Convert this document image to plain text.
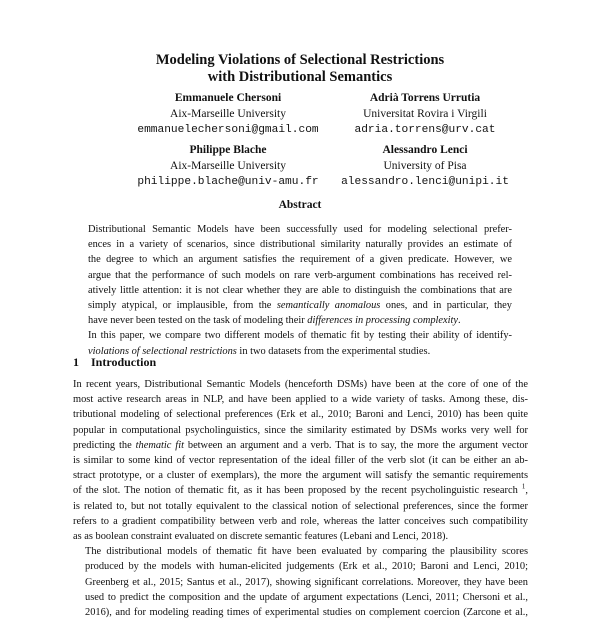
Modeling Violations of Selectional Restrictions
with Distributional Semantics
Emmanuele Chersoni
Aix-Marseille University
emmanuelechersoni@gmail.com
Adrià Torrens Urrutia
Universitat Rovira i Virgili
adria.torrens@urv.cat
Philippe Blache
Aix-Marseille University
philippe.blache@univ-amu.fr
Alessandro Lenci
University of Pisa
alessandro.lenci@unipi.it
Abstract

Distributional Semantic Models have been successfully used for modeling selectional prefer-
ences in a variety of scenarios, since distributional similarity naturally provides an estimate of
the degree to which an argument satisfies the requirement of a given predicate. However, we
argue that the performance of such models on rare verb-argument combinations has received rel-
atively little attention: it is not clear whether they are able to distinguish the combinations that are
simply atypical, or implausible, from the semantically anomalous ones, and in particular, they
have never been tested on the task of modeling their differences in processing complexity.

In this paper, we compare two different models of thematic fit by testing their ability of identify-
violations of selectional restrictions in two datasets from the experimental studies.

1 Introduction

In recent years, Distributional Semantic Models (henceforth DSMs) have been at the core of one of the
most active research areas in NLP, and have been applied to a wide variety of tasks. Among these, dis-
tributional modeling of selectional preferences (Erk et al., 2010; Baroni and Lenci, 2010) has been quite
popular in computational psycholinguistics, since the similarity estimated by DSMs works very well for
predicting the thematic fit between an argument and a verb. That is to say, the more the argument vector
is similar to some kind of vector representation of the ideal filler of the verb slot (it can be either an ab-
stract prototype, or a cluster of exemplars), the more the argument will satisfy the semantic requirements
of the slot. The notion of thematic fit, as it has been proposed by the recent psycholinguistic research $^1$,
is related to, but not totally equivalent to the classical notion of selectional preferences, since the former
refers to a gradient compatibility between verb and role, whereas the latter conceives such compatibility
as as boolean constraint evaluated on discrete semantic features (Lebani and Lenci, 2018).

The distributional models of thematic fit have been evaluated by comparing the plausibility scores
produced by the models with human-elicited judgements (Erk et al., 2010; Baroni and Lenci, 2010;
Greenberg et al., 2015; Santus et al., 2017), showing significant correlations. Moreover, they have been
used to predict the composition and the update of argument expectations (Lenci, 2011; Chersoni et al.,
2016), and for modeling reading times of experimental studies on complement coercion (Zarcone et al.,
